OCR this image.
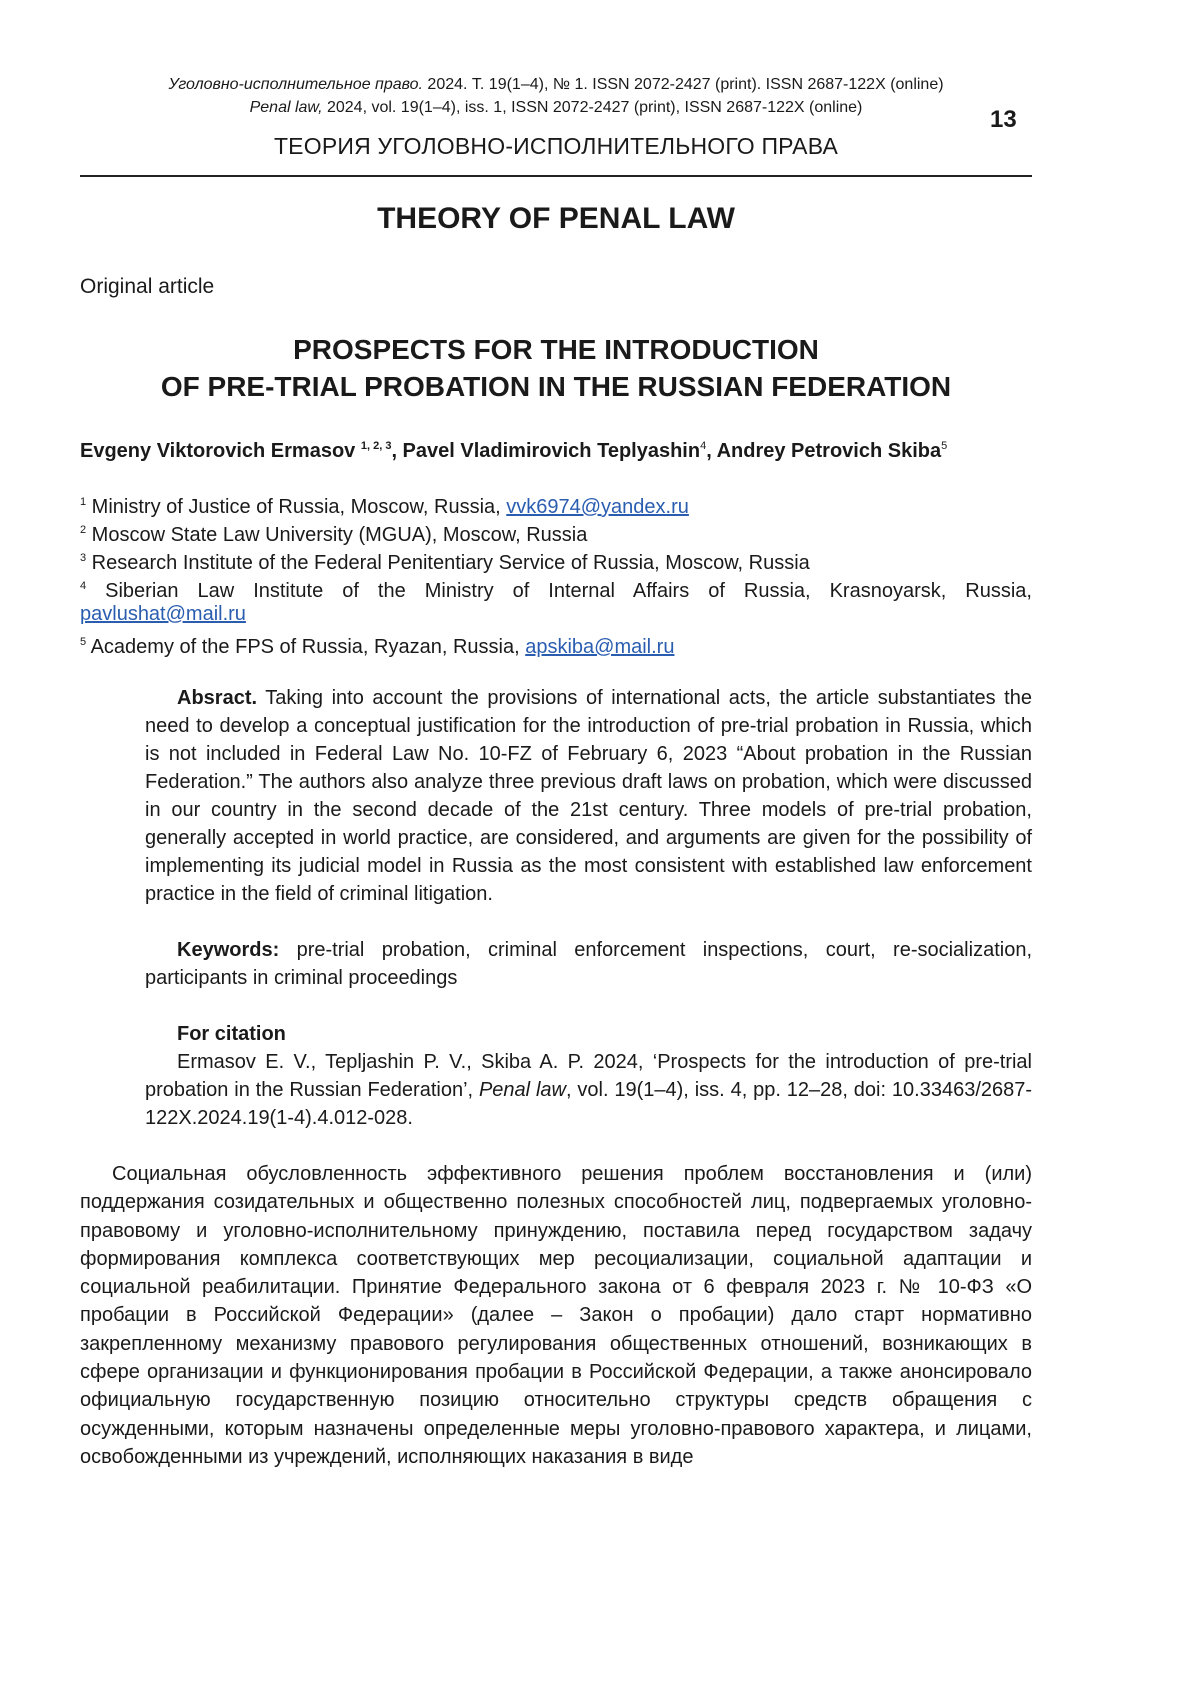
Уголовно-исполнительное право. 2024. Т. 19(1–4), № 1. ISSN 2072-2427 (print). ISSN 2687-122X (online)
Penal law, 2024, vol. 19(1–4), iss. 1, ISSN 2072-2427 (print), ISSN 2687-122X (online)	13
ТЕОРИЯ УГОЛОВНО-ИСПОЛНИТЕЛЬНОГО ПРАВА
THEORY OF PENAL LAW
Original article
PROSPECTS FOR THE INTRODUCTION
OF PRE-TRIAL PROBATION IN THE RUSSIAN FEDERATION
Evgeny Viktorovich Ermasov 1, 2, 3, Pavel Vladimirovich Teplyashin4, Andrey Petrovich Skiba5
1 Ministry of Justice of Russia, Moscow, Russia, vvk6974@yandex.ru
2 Moscow State Law University (MGUA), Moscow, Russia
3 Research Institute of the Federal Penitentiary Service of Russia, Moscow, Russia
4 Siberian Law Institute of the Ministry of Internal Affairs of Russia, Krasnoyarsk, Russia,
pavlushat@mail.ru
5 Academy of the FPS of Russia, Ryazan, Russia, apskiba@mail.ru
Absract. Taking into account the provisions of international acts, the article substantiates the need to develop a conceptual justification for the introduction of pre-trial probation in Russia, which is not included in Federal Law No. 10-FZ of February 6, 2023 “About probation in the Russian Federation.” The authors also analyze three previous draft laws on probation, which were discussed in our country in the second decade of the 21st century. Three models of pre-trial probation, generally accepted in world practice, are considered, and arguments are given for the possibility of implementing its judicial model in Russia as the most consistent with established law enforcement practice in the field of criminal litigation.
Keywords: pre-trial probation, criminal enforcement inspections, court, re-socialization, participants in criminal proceedings
For citation
Ermasov E. V., Tepljashin P. V., Skiba A. P. 2024, ‘Prospects for the introduction of pre-trial probation in the Russian Federation’, Penal law, vol. 19(1–4), iss. 4, pp. 12–28, doi: 10.33463/2687-122X.2024.19(1-4).4.012-028.
Социальная обусловленность эффективного решения проблем восстановления и (или) поддержания созидательных и общественно полезных способностей лиц, подвергаемых уголовно-правовому и уголовно-исполнительному принуждению, поставила перед государством задачу формирования комплекса соответствующих мер ресоциализации, социальной адаптации и социальной реабилитации. Принятие Федерального закона от 6 февраля 2023 г. № 10-ФЗ «О пробации в Российской Федерации» (далее – Закон о пробации) дало старт нормативно закрепленному механизму правового регулирования общественных отношений, возникающих в сфере организации и функционирования пробации в Российской Федерации, а также анонсировало официальную государственную позицию относительно структуры средств обращения с осужденными, которым назначены определенные меры уголовно-правового характера, и лицами, освобожденными из учреждений, исполняющих наказания в виде
